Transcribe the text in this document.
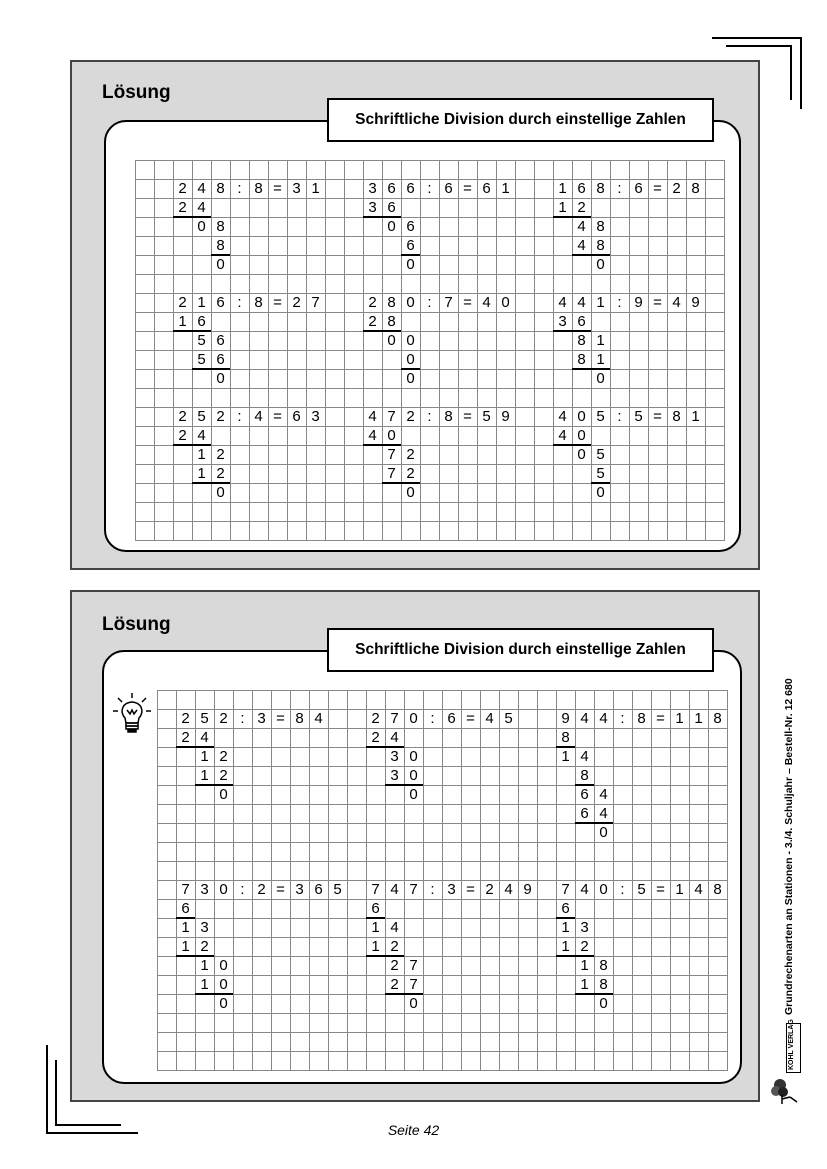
Lösung
2 4 8 : 8 = 3 1
2 4
0 8
8
0
3 6 6 : 6 = 6 1
3 6
0 6
6
0
1 6 8 : 6 = 2 8
1 2
4 8
4 8
0
2 1 6 : 8 = 2 7
1 6
5 6
5 6
0
2 8 0 : 7 = 4 0
2 8
0 0
0
0
4 4 1 : 9 = 4 9
3 6
8 1
8 1
0
2 5 2 : 4 = 6 3
2 4
1 2
1 2
0
4 7 2 : 8 = 5 9
4 0
7 2
7 2
0
4 0 5 : 5 = 8 1
4 0
0 5
5
0
Schriftliche Division durch einstellige Zahlen
Lösung
2 5 2 : 3 = 8 4
2 4
1 2
1 2
0
2 7 0 : 6 = 4 5
2 4
3 0
3 0
0
9 4 4 : 8 = 1 1 8
8
1 4
8
6 4
6 4
0
7 3 0 : 2 = 3 6 5
6
1 3
1 2
1 0
1 0
0
7 4 7 : 3 = 2 4 9
6
1 4
1 2
2 7
2 7
0
7 4 0 : 5 = 1 4 8
6
1 3
1 2
1 8
1 8
0
Schriftliche Division durch einstellige Zahlen
Grundrechenarten an Stationen - 3./4. Schuljahr – Bestell-Nr. 12 680
KOHL VERLAG
Seite 42
